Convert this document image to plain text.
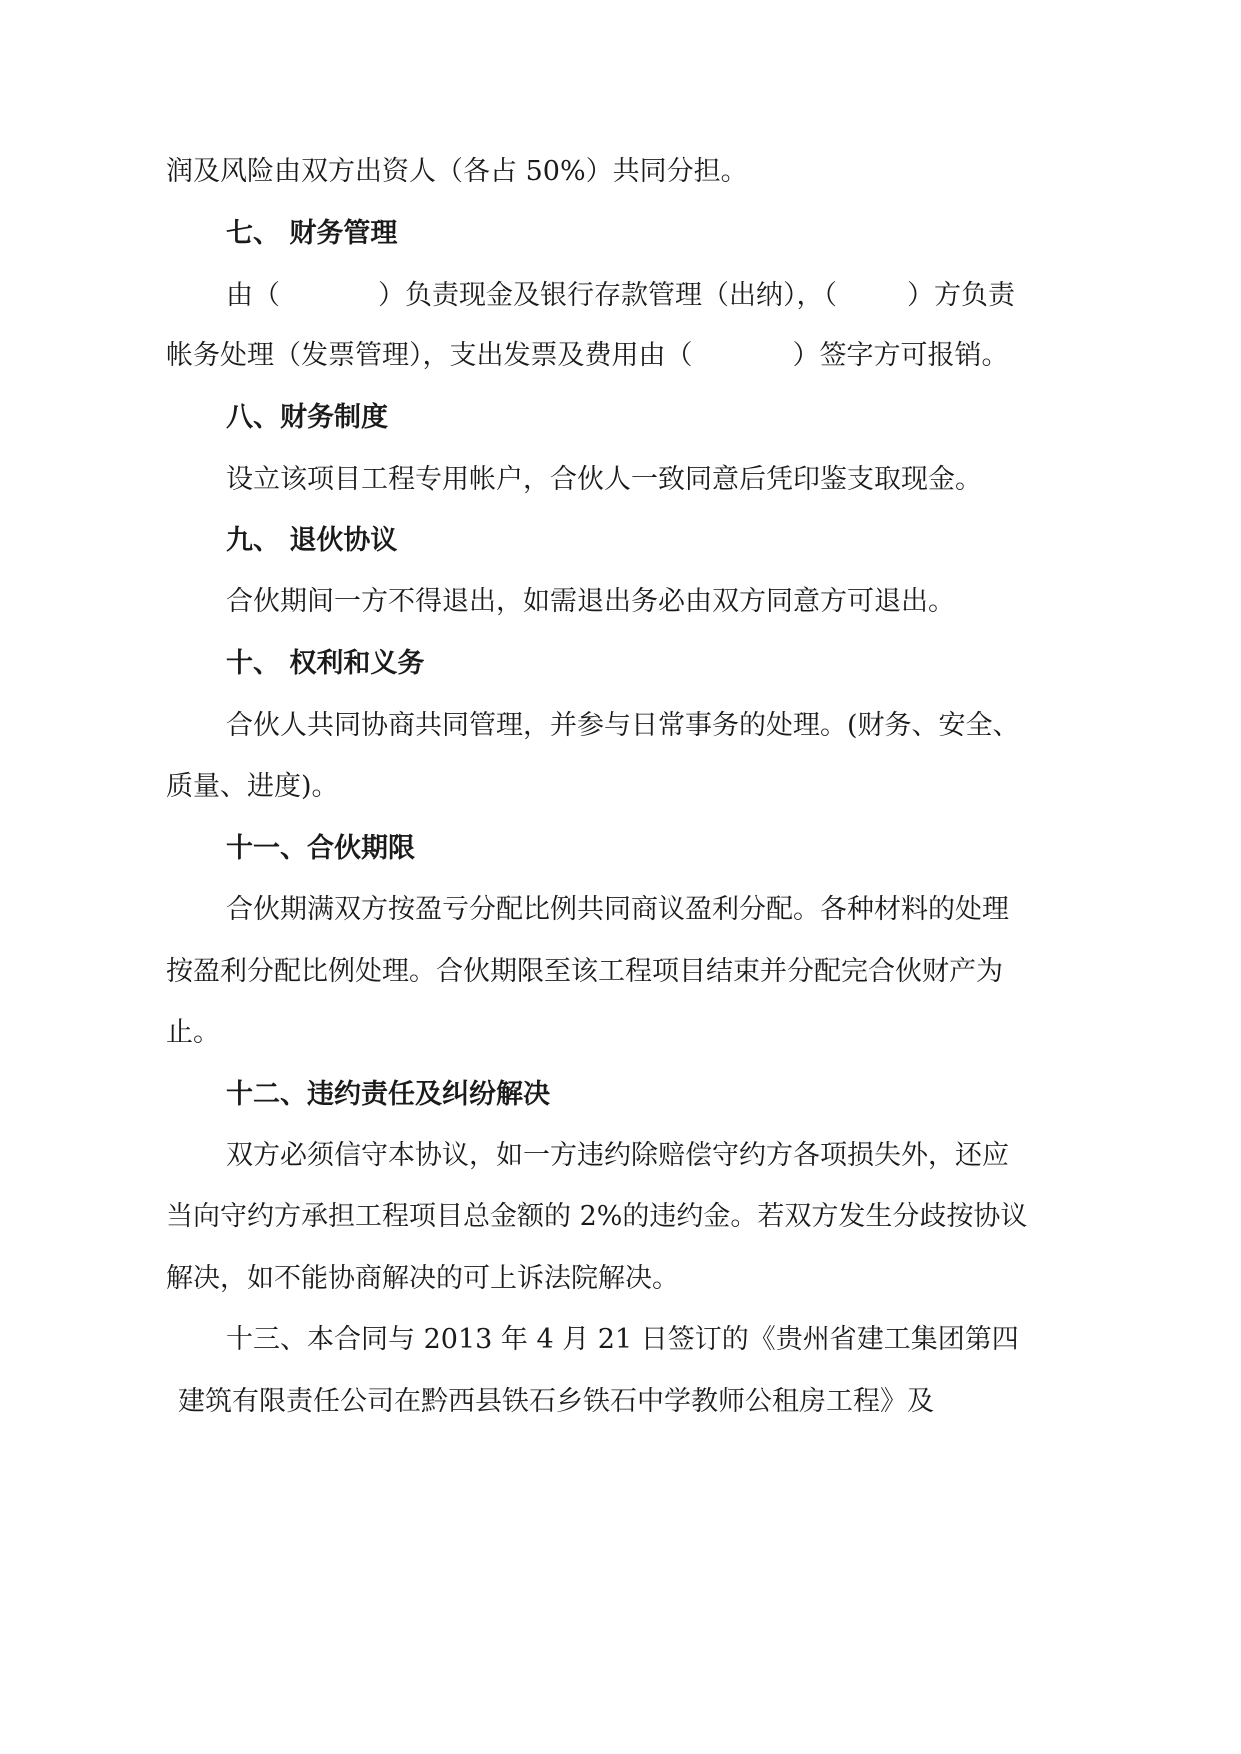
润及风险由双方出资人（各占 50%）共同分担。
七、 财务管理
由（	）负责现金及银行存款管理（出纳），（	）方负责
帐务处理（发票管理），支出发票及费用由（	）签字方可报销。
八、财务制度
设立该项目工程专用帐户，合伙人一致同意后凭印鉴支取现金。
九、 退伙协议
合伙期间一方不得退出，如需退出务必由双方同意方可退出。
十、 权利和义务
合伙人共同协商共同管理，并参与日常事务的处理。(财务、安全、
质量、进度)。
十一、合伙期限
合伙期满双方按盈亏分配比例共同商议盈利分配。各种材料的处理
按盈利分配比例处理。合伙期限至该工程项目结束并分配完合伙财产为
止。
十二、违约责任及纠纷解决
双方必须信守本协议，如一方违约除赔偿守约方各项损失外，还应
当向守约方承担工程项目总金额的 2%的违约金。若双方发生分歧按协议
解决，如不能协商解决的可上诉法院解决。
十三、本合同与 2013 年 4 月 21 日签订的《贵州省建工集团第四
建筑有限责任公司在黔西县铁石乡铁石中学教师公租房工程》及
